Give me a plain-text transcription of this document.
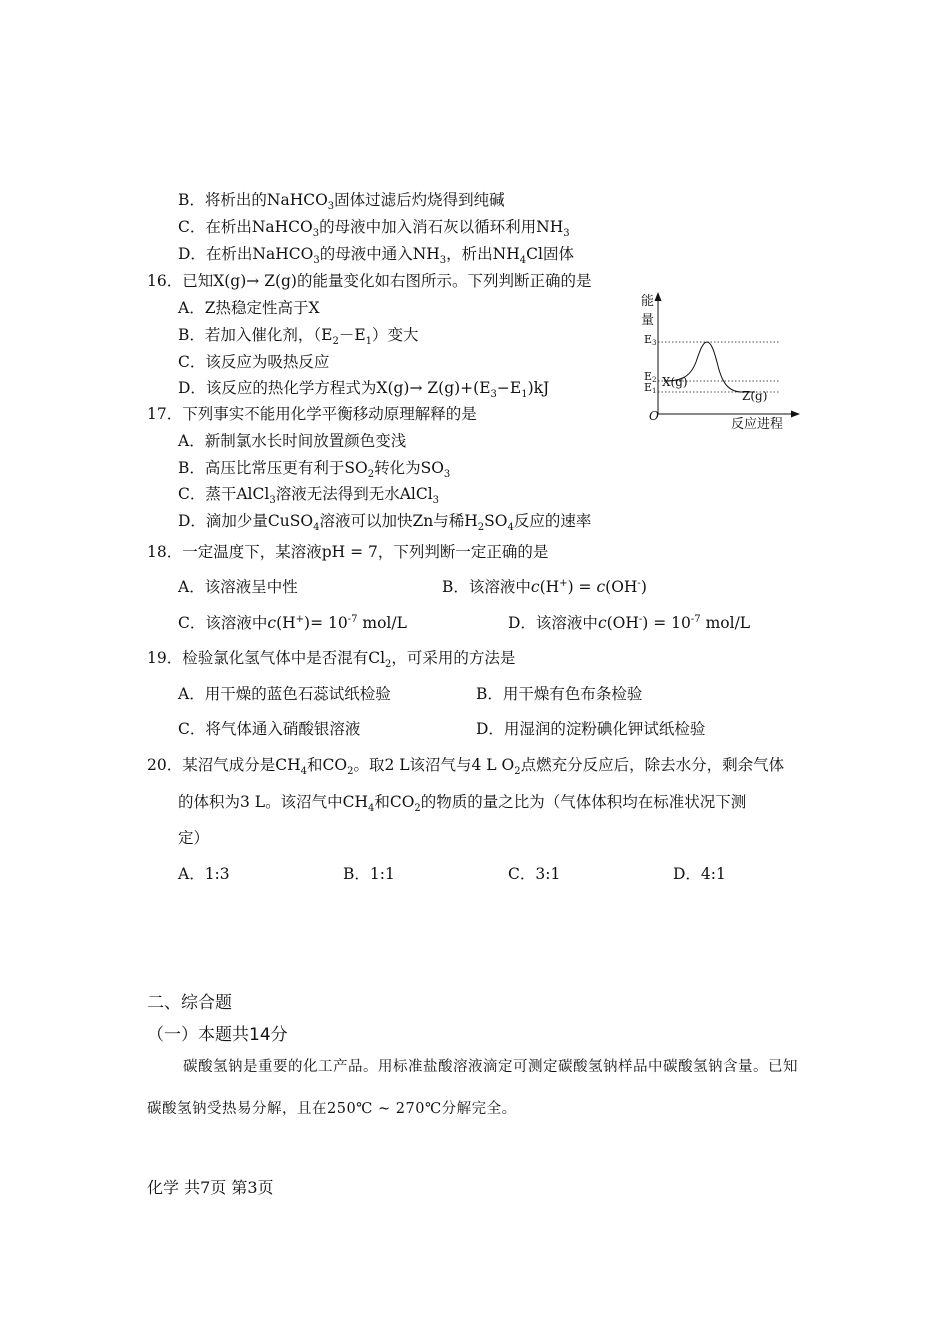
B．将析出的NaHCO$_3$固体过滤后灼烧得到纯碱
C．在析出NaHCO$_3$的母液中加入消石灰以循环利用$NH_3$
D．在析出NaHCO$_3$的母液中通入$NH_3$，析出$NH_4Cl$固体
16．已知X(g)→ Z(g)的能量变化如右图所示。下列判断正确的是
A．Z热稳定性高于X
B．若加入催化剂，$(E_2-E_1)$变大
C．该反应为吸热反应
D．该反应的热化学方程式为$X(g)\to Z(g)+(E_3-E_1)kJ$
能
量
E3
E2
E1
X(g)
Z(g)
O
反应进程
17．下列事实不能用化学平衡移动原理解释的是
A．新制氯水长时间放置颜色变浅
B．高压比常压更有利于$SO_2$转化为$SO_3$
C．蒸干AlCl$_3$溶液无法得到无水AlCl$_3$
D．滴加少量CuSO$_4$溶液可以加快Zn与稀$H_2SO_4$反应的速率
18．一定温度下，某溶液pH = 7，下列判断一定正确的是
A．该溶液呈中性	B．该溶液中c(H+) = c(OH-)
C．该溶液中$c(H^+)= 10^{-7}$ mol/L	D．该溶液中$c(OH^-) = 10^{-7}$ mol/L
19．检验氯化氢气体中是否混有$Cl_2$，可采用的方法是
A．用干燥的蓝色石蕊试纸检验	B．用干燥有色布条检验
C．将气体通入硝酸银溶液	D．用湿润的淀粉碘化钾试纸检验
20．某沼气成分是$CH_4$和$CO_2$。取2 L该沼气与4 L $O_2$点燃充分反应后，除去水分，剩余气体
的体积为3 L。该沼气中$CH_4$和$CO_2$的物质的量之比为（气体体积均在标准状况下测
定）
A．1:3	B．1:1	C．3:1	D．4:1
二、综合题
（一）本题共14分
碳酸氢钠是重要的化工产品。用标准盐酸溶液滴定可测定碳酸氢钠样品中碳酸氢钠含量。已知碳酸氢钠受热易分解，且在250℃ ~ 270℃分解完全。
化学 共7页 第3页
